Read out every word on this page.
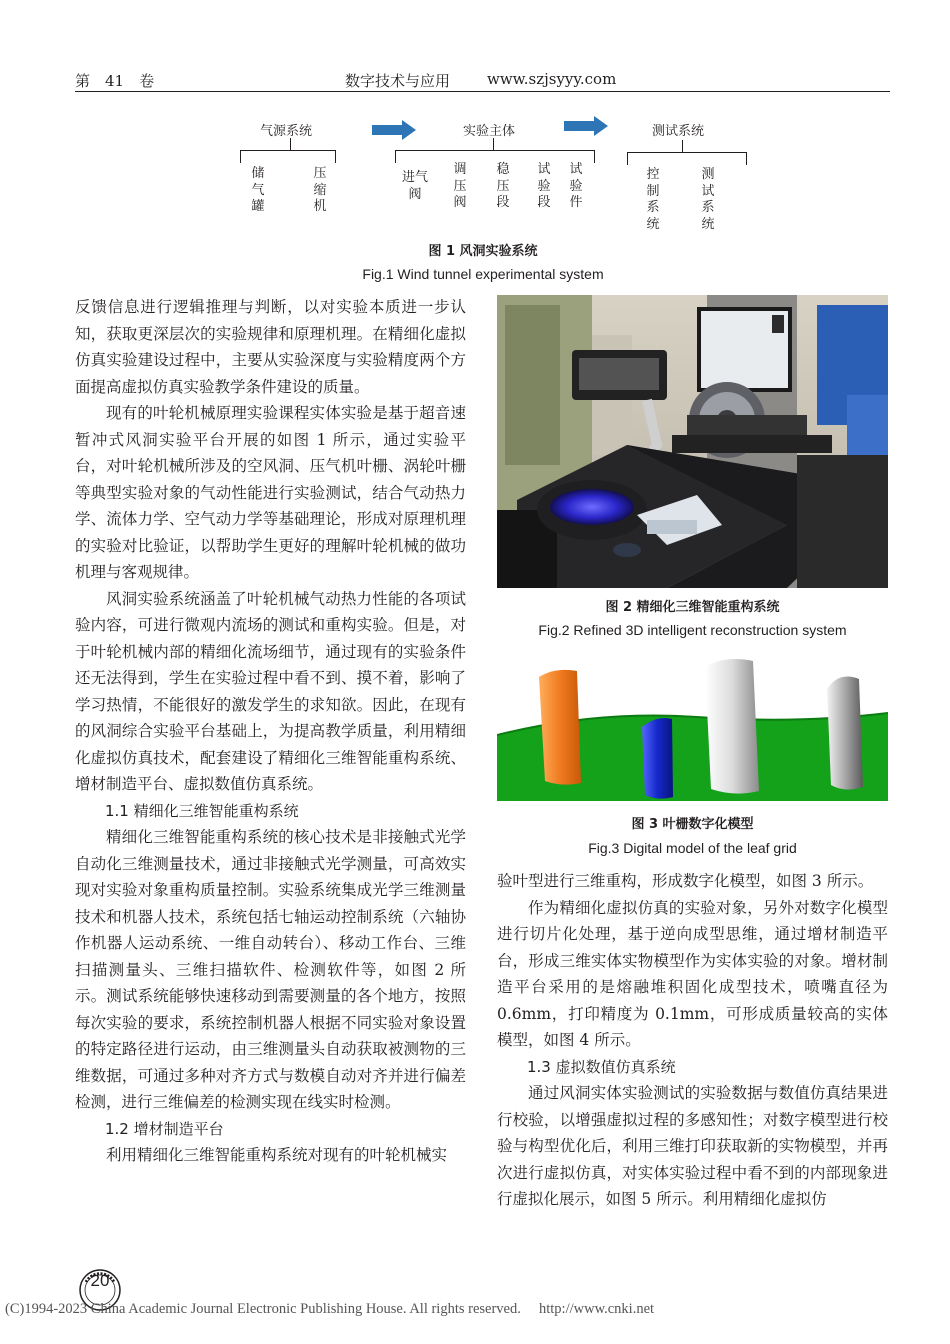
第　41　卷	数字技术与应用 www.szjsyyy.com
气源系统	实验主体	测试系统
储气罐
压缩机
进气阀
调压阀
稳压段
试验段
试验件
控制系统
测试系统
图 1 风洞实验系统
Fig.1 Wind tunnel experimental system

反馈信息进行逻辑推理与判断，以对实验本质进一步认知，获取更深层次的实验规律和原理机理。在精细化虚拟仿真实验建设过程中，主要从实验深度与实验精度两个方面提高虚拟仿真实验教学条件建设的质量。

现有的叶轮机械原理实验课程实体实验是基于超音速暂冲式风洞实验平台开展的如图 1 所示，通过实验平台，对叶轮机械所涉及的空风洞、压气机叶栅、涡轮叶栅等典型实验对象的气动性能进行实验测试，结合气动热力学、流体力学、空气动力学等基础理论，形成对原理机理的实验对比验证，以帮助学生更好的理解叶轮机械的做功机理与客观规律。

风洞实验系统涵盖了叶轮机械气动热力性能的各项试验内容，可进行微观内流场的测试和重构实验。但是，对于叶轮机械内部的精细化流场细节，通过现有的实验条件还无法得到，学生在实验过程中看不到、摸不着，影响了学习热情，不能很好的激发学生的求知欲。因此，在现有的风洞综合实验平台基础上，为提高教学质量，利用精细化虚拟仿真技术，配套建设了精细化三维智能重构系统、增材制造平台、虚拟数值仿真系统。

1.1 精细化三维智能重构系统

精细化三维智能重构系统的核心技术是非接触式光学自动化三维测量技术，通过非接触式光学测量，可高效实现对实验对象重构质量控制。实验系统集成光学三维测量技术和机器人技术，系统包括七轴运动控制系统（六轴协作机器人运动系统、一维自动转台）、移动工作台、三维扫描测量头、三维扫描软件、检测软件等，如图 2 所示。测试系统能够快速移动到需要测量的各个地方，按照每次实验的要求，系统控制机器人根据不同实验对象设置的特定路径进行运动，由三维测量头自动获取被测物的三维数据，可通过多种对齐方式与数模自动对齐并进行偏差检测，进行三维偏差的检测实现在线实时检测。

1.2 增材制造平台

利用精细化三维智能重构系统对现有的叶轮机械实

图 2 精细化三维智能重构系统
Fig.2 Refined 3D intelligent reconstruction system
图 3 叶栅数字化模型
Fig.3 Digital model of the leaf grid

验叶型进行三维重构，形成数字化模型，如图 3 所示。

作为精细化虚拟仿真的实验对象，另外对数字化模型进行切片化处理，基于逆向成型思维，通过增材制造平台，形成三维实体实物模型作为实体实验的对象。增材制造平台采用的是熔融堆积固化成型技术，喷嘴直径为 0.6mm，打印精度为 0.1mm，可形成质量较高的实体模型，如图 4 所示。

1.3 虚拟数值仿真系统

通过风洞实体实验测试的实验数据与数值仿真结果进行校验，以增强虚拟过程的多感知性；对数字模型进行校验与构型优化后，利用三维打印获取新的实物模型，并再次进行虚拟仿真，对实体实验过程中看不到的内部现象进行虚拟化展示，如图 5 所示。利用精细化虚拟仿

20
(C)1994-2023 China Academic Journal Electronic Publishing House. All rights reserved.　 http://www.cnki.net
